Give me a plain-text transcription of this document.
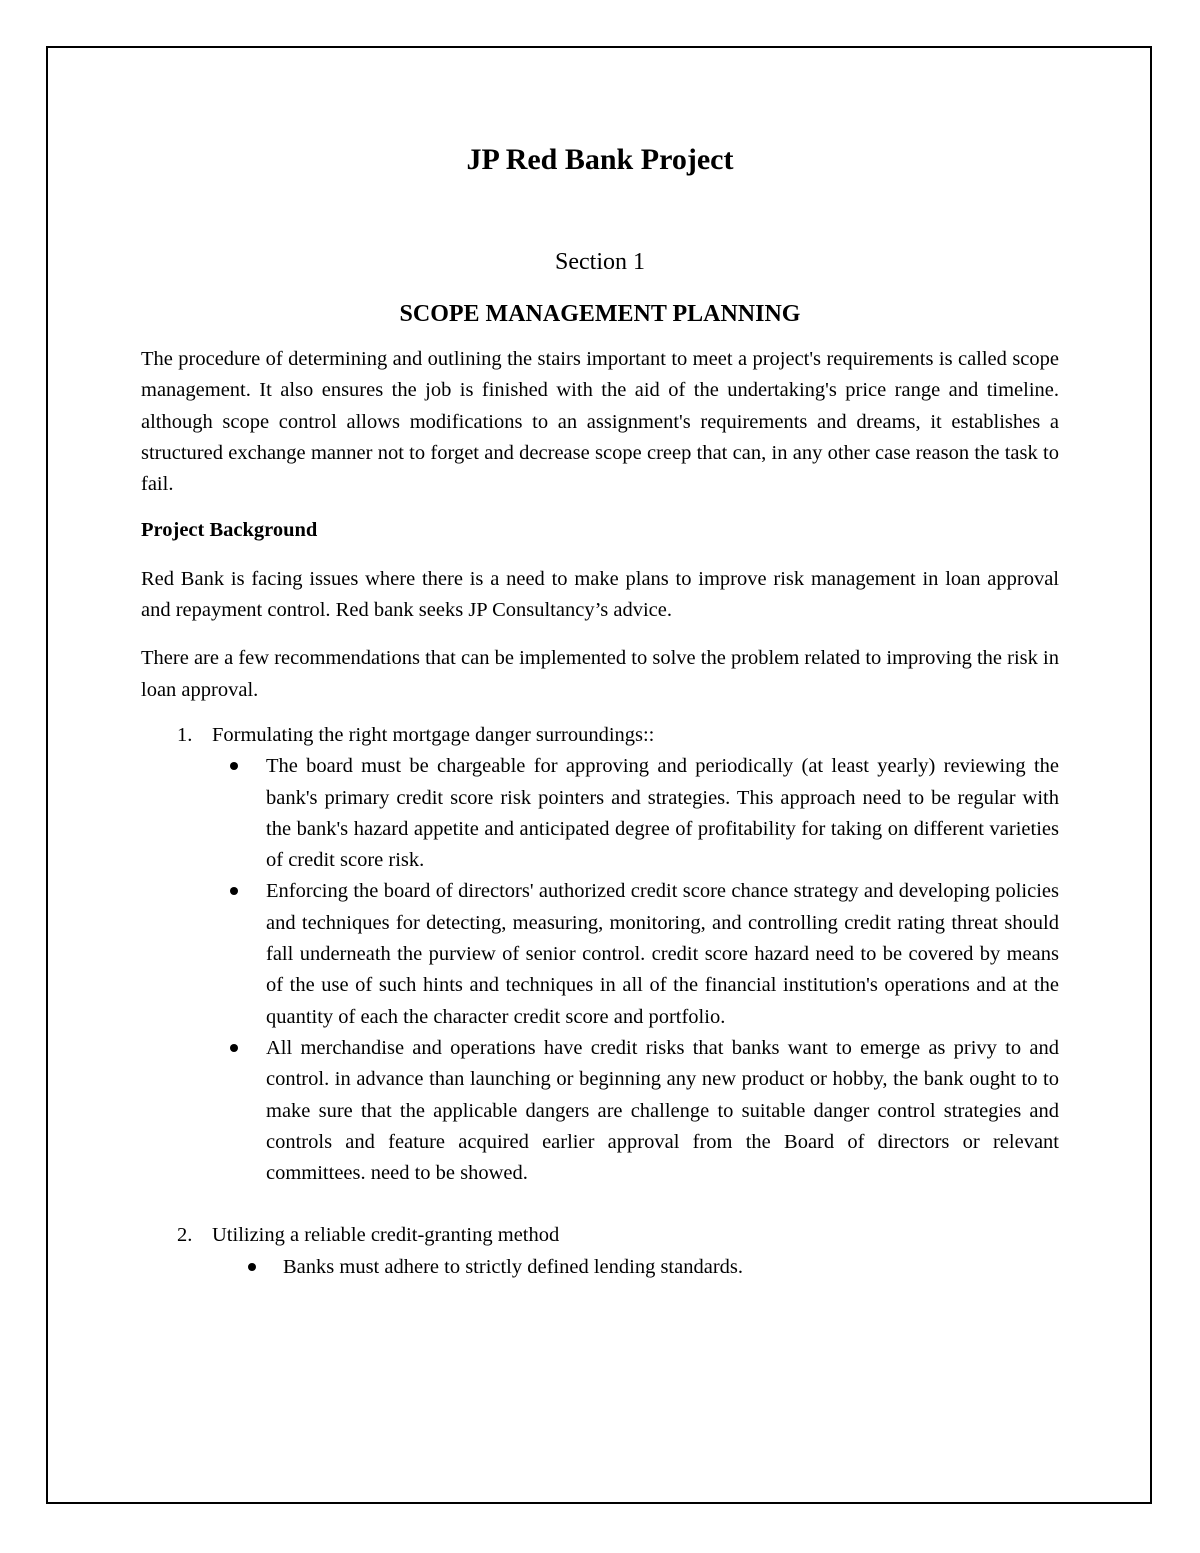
JP Red Bank Project
Section 1
SCOPE MANAGEMENT PLANNING

The procedure of determining and outlining the stairs important to meet a project's requirements is called scope management. It also ensures the job is finished with the aid of the undertaking's price range and timeline. although scope control allows modifications to an assignment's requirements and dreams, it establishes a structured exchange manner not to forget and decrease scope creep that can, in any other case reason the task to fail.

Project Background

Red Bank is facing issues where there is a need to make plans to improve risk management in loan approval and repayment control. Red bank seeks JP Consultancy’s advice.

There are a few recommendations that can be implemented to solve the problem related to improving the risk in loan approval.

1. Formulating the right mortgage danger surroundings::

The board must be chargeable for approving and periodically (at least yearly) reviewing the bank's primary credit score risk pointers and strategies. This approach need to be regular with the bank's hazard appetite and anticipated degree of profitability for taking on different varieties of credit score risk.

Enforcing the board of directors' authorized credit score chance strategy and developing policies and techniques for detecting, measuring, monitoring, and controlling credit rating threat should fall underneath the purview of senior control. credit score hazard need to be covered by means of the use of such hints and techniques in all of the financial institution's operations and at the quantity of each the character credit score and portfolio.

All merchandise and operations have credit risks that banks want to emerge as privy to and control. in advance than launching or beginning any new product or hobby, the bank ought to to make sure that the applicable dangers are challenge to suitable danger control strategies and controls and feature acquired earlier approval from the Board of directors or relevant committees. need to be showed.

2. Utilizing a reliable credit-granting method

Banks must adhere to strictly defined lending standards.
